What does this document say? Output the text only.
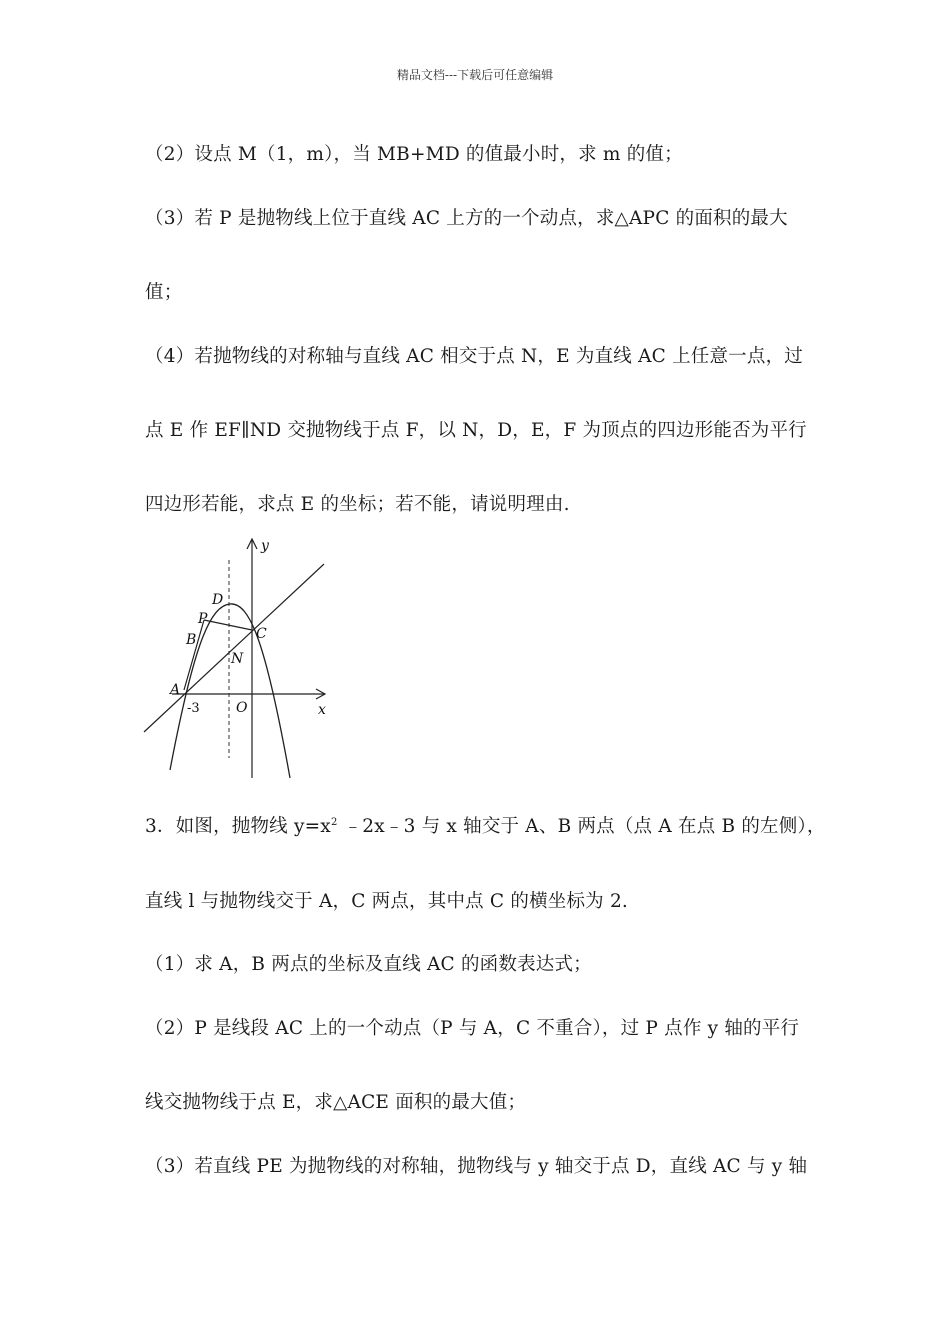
精品文档---下载后可任意编辑
（2）设点 M（1，m），当 MB+MD 的值最小时，求 m 的值；
（3）若 P 是抛物线上位于直线 AC 上方的一个动点，求△APC 的面积的最大
值；
（4）若抛物线的对称轴与直线 AC 相交于点 N，E 为直线 AC 上任意一点，过
点 E 作 EF∥ND 交抛物线于点 F，以 N，D，E，F 为顶点的四边形能否为平行
四边形若能，求点 E 的坐标；若不能，请说明理由.
y
x
D
P
B	C
N
A
-3	O
3．如图，抛物线 $y=x^2$ ﹣2x﹣3 与 x 轴交于 A、B 两点（点 A 在点 B 的左侧），
直线 l 与抛物线交于 A，C 两点，其中点 C 的横坐标为 2.
（1）求 A，B 两点的坐标及直线 AC 的函数表达式；
（2）P 是线段 AC 上的一个动点（P 与 A，C 不重合），过 P 点作 y 轴的平行
线交抛物线于点 E，求△ACE 面积的最大值；
（3）若直线 PE 为抛物线的对称轴，抛物线与 y 轴交于点 D，直线 AC 与 y 轴
